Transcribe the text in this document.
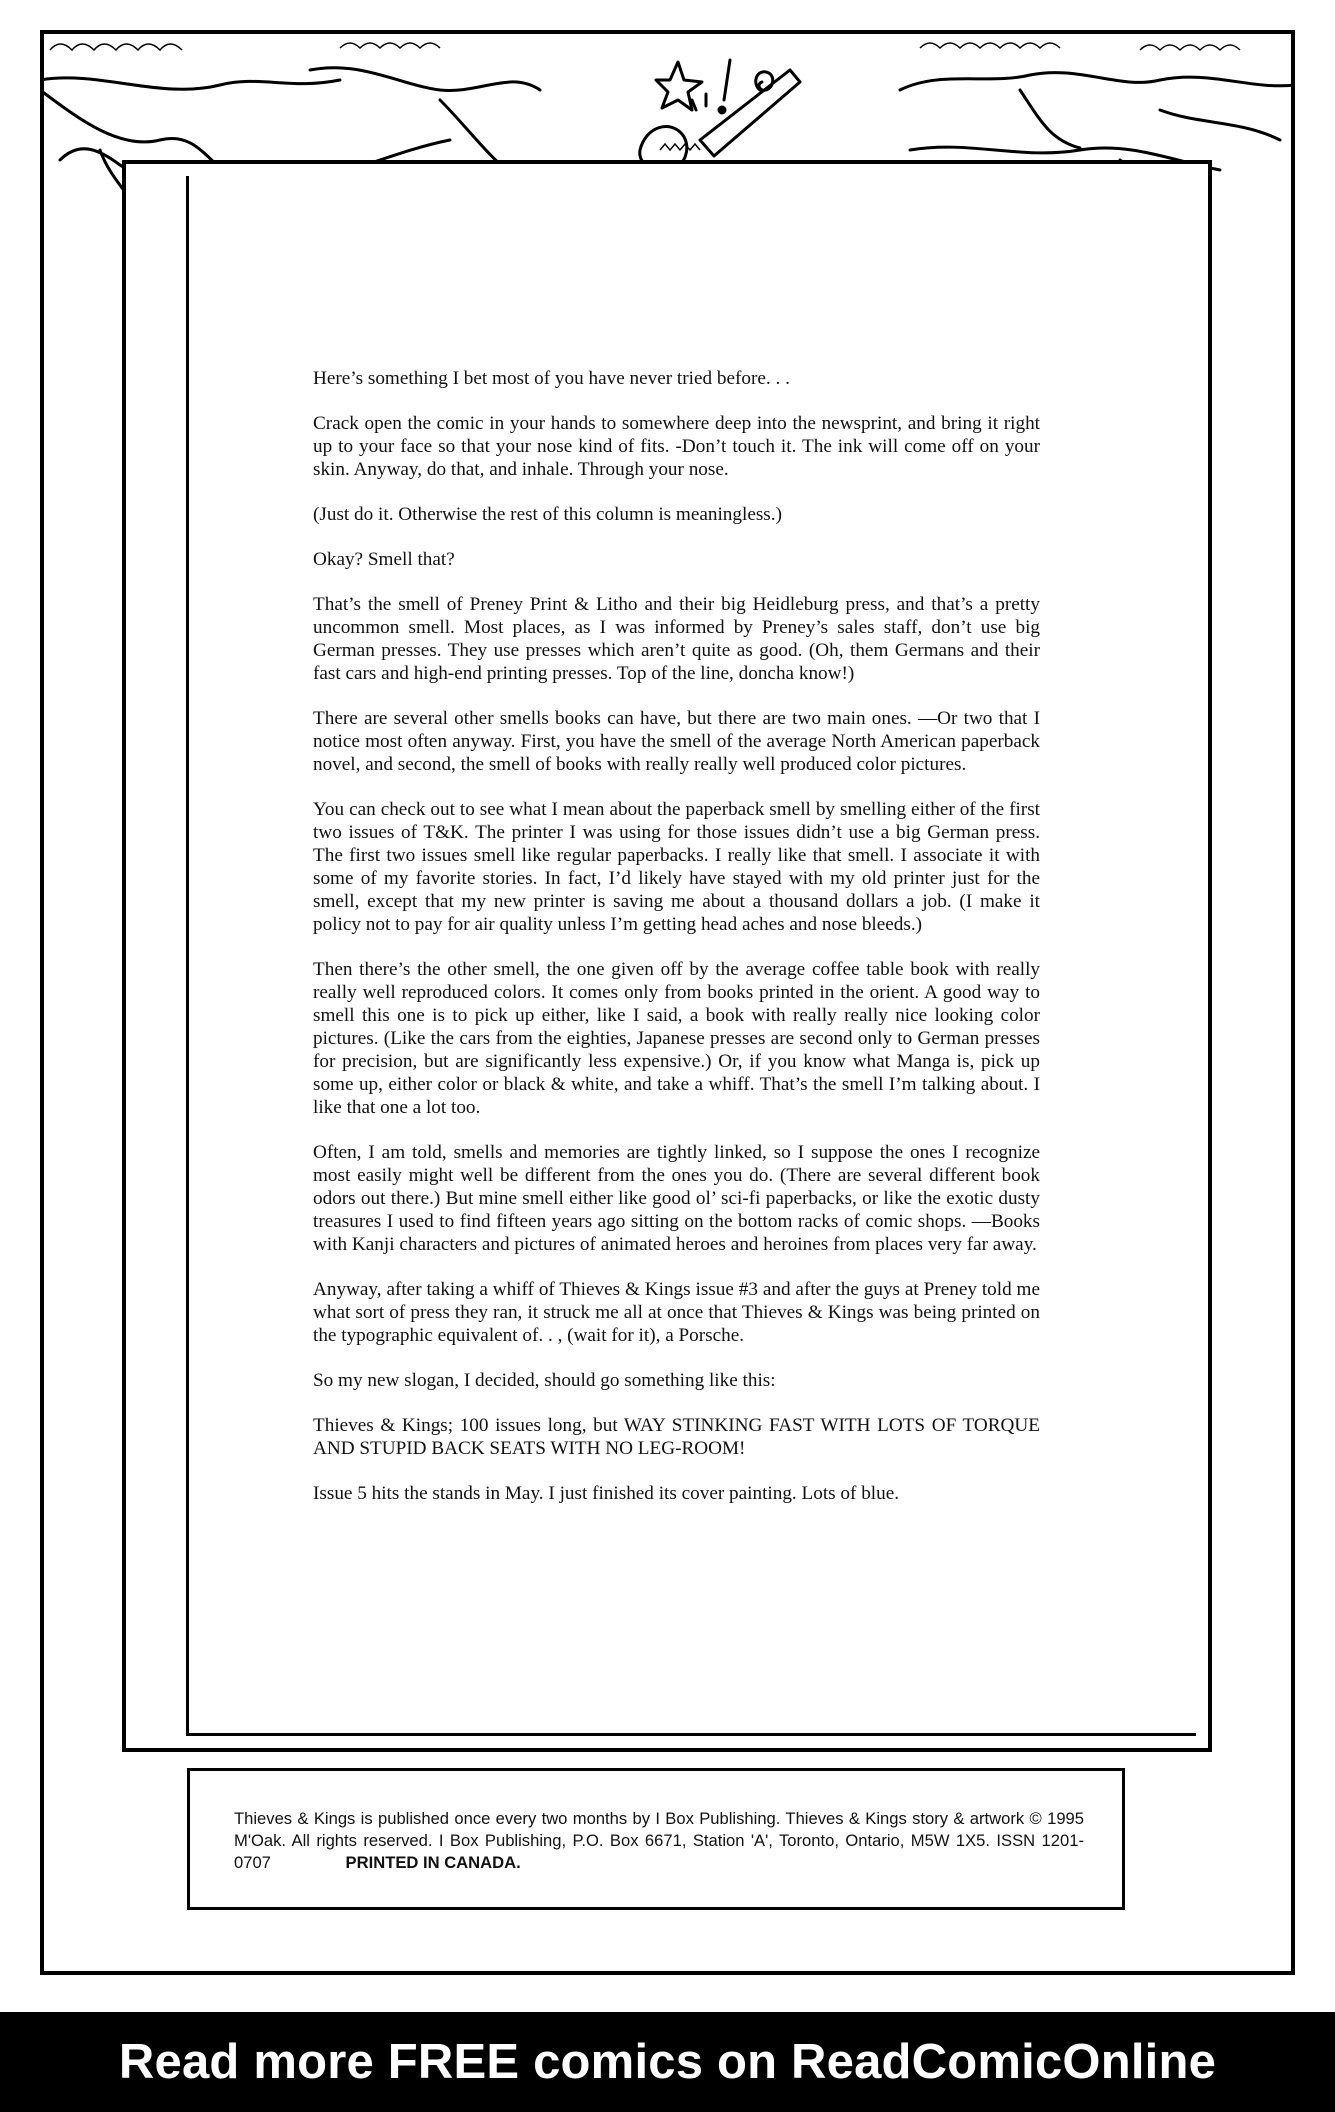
Here’s something I bet most of you have never tried before. . .

Crack open the comic in your hands to somewhere deep into the newsprint, and bring it right up to your face so that your nose kind of fits. -Don’t touch it. The ink will come off on your skin. Anyway, do that, and inhale. Through your nose.

(Just do it. Otherwise the rest of this column is meaningless.)

Okay? Smell that?

That’s the smell of Preney Print & Litho and their big Heidleburg press, and that’s a pretty uncommon smell. Most places, as I was informed by Preney’s sales staff, don’t use big German presses. They use presses which aren’t quite as good. (Oh, them Germans and their fast cars and high-end printing presses. Top of the line, doncha know!)

There are several other smells books can have, but there are two main ones. —Or two that I notice most often anyway. First, you have the smell of the average North American paperback novel, and second, the smell of books with really really well produced color pictures.

You can check out to see what I mean about the paperback smell by smelling either of the first two issues of T&K. The printer I was using for those issues didn’t use a big German press. The first two issues smell like regular paperbacks. I really like that smell. I associate it with some of my favorite stories. In fact, I’d likely have stayed with my old printer just for the smell, except that my new printer is saving me about a thousand dollars a job. (I make it policy not to pay for air quality unless I’m getting head aches and nose bleeds.)

Then there’s the other smell, the one given off by the average coffee table book with really really well reproduced colors. It comes only from books printed in the orient. A good way to smell this one is to pick up either, like I said, a book with really really nice looking color pictures. (Like the cars from the eighties, Japanese presses are second only to German presses for precision, but are significantly less expensive.) Or, if you know what Manga is, pick up some up, either color or black & white, and take a whiff. That’s the smell I’m talking about. I like that one a lot too.

Often, I am told, smells and memories are tightly linked, so I suppose the ones I recognize most easily might well be different from the ones you do. (There are several different book odors out there.) But mine smell either like good ol’ sci-fi paperbacks, or like the exotic dusty treasures I used to find fifteen years ago sitting on the bottom racks of comic shops. —Books with Kanji characters and pictures of animated heroes and heroines from places very far away.

Anyway, after taking a whiff of Thieves & Kings issue #3 and after the guys at Preney told me what sort of press they ran, it struck me all at once that Thieves & Kings was being printed on the typographic equivalent of. . , (wait for it), a Porsche.

So my new slogan, I decided, should go something like this:

Thieves & Kings; 100 issues long, but WAY STINKING FAST WITH LOTS OF TORQUE AND STUPID BACK SEATS WITH NO LEG-ROOM!

Issue 5 hits the stands in May. I just finished its cover painting. Lots of blue.

Thieves & Kings is published once every two months by I Box Publishing. Thieves & Kings story & artwork © 1995 M'Oak. All rights reserved. I Box Publishing, P.O. Box 6671, Station 'A', Toronto, Ontario, M5W 1X5. ISSN 1201-0707	PRINTED IN CANADA.
Read more FREE comics on ReadComicOnline
